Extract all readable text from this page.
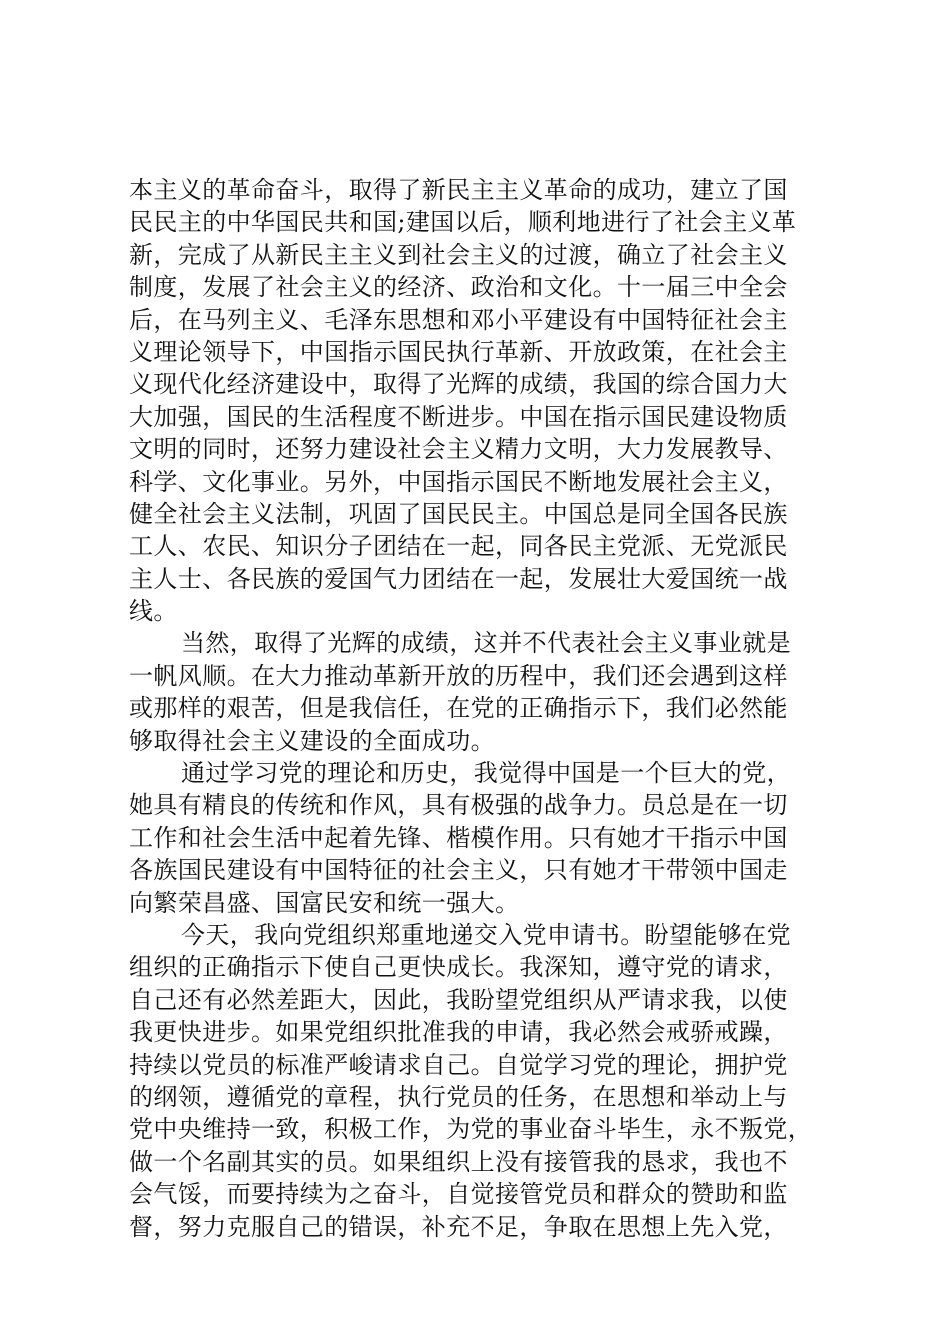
本主义的革命奋斗，取得了新民主主义革命的成功，建立了国
民民主的中华国民共和国;建国以后，顺利地进行了社会主义革
新，完成了从新民主主义到社会主义的过渡，确立了社会主义
制度，发展了社会主义的经济、政治和文化。十一届三中全会
后，在马列主义、毛泽东思想和邓小平建设有中国特征社会主
义理论领导下，中国指示国民执行革新、开放政策，在社会主
义现代化经济建设中，取得了光辉的成绩，我国的综合国力大
大加强，国民的生活程度不断进步。中国在指示国民建设物质
文明的同时，还努力建设社会主义精力文明，大力发展教导、
科学、文化事业。另外，中国指示国民不断地发展社会主义，
健全社会主义法制，巩固了国民民主。中国总是同全国各民族
工人、农民、知识分子团结在一起，同各民主党派、无党派民
主人士、各民族的爱国气力团结在一起，发展壮大爱国统一战
线。
当然，取得了光辉的成绩，这并不代表社会主义事业就是
一帆风顺。在大力推动革新开放的历程中，我们还会遇到这样
或那样的艰苦，但是我信任，在党的正确指示下，我们必然能
够取得社会主义建设的全面成功。
通过学习党的理论和历史，我觉得中国是一个巨大的党，
她具有精良的传统和作风，具有极强的战争力。员总是在一切
工作和社会生活中起着先锋、楷模作用。只有她才干指示中国
各族国民建设有中国特征的社会主义，只有她才干带领中国走
向繁荣昌盛、国富民安和统一强大。
今天，我向党组织郑重地递交入党申请书。盼望能够在党
组织的正确指示下使自己更快成长。我深知，遵守党的请求，
自己还有必然差距大，因此，我盼望党组织从严请求我，以使
我更快进步。如果党组织批准我的申请，我必然会戒骄戒躁，
持续以党员的标准严峻请求自己。自觉学习党的理论，拥护党
的纲领，遵循党的章程，执行党员的任务，在思想和举动上与
党中央维持一致，积极工作，为党的事业奋斗毕生，永不叛党，
做一个名副其实的员。如果组织上没有接管我的恳求，我也不
会气馁，而要持续为之奋斗，自觉接管党员和群众的赞助和监
督，努力克服自己的错误，补充不足，争取在思想上先入党，
